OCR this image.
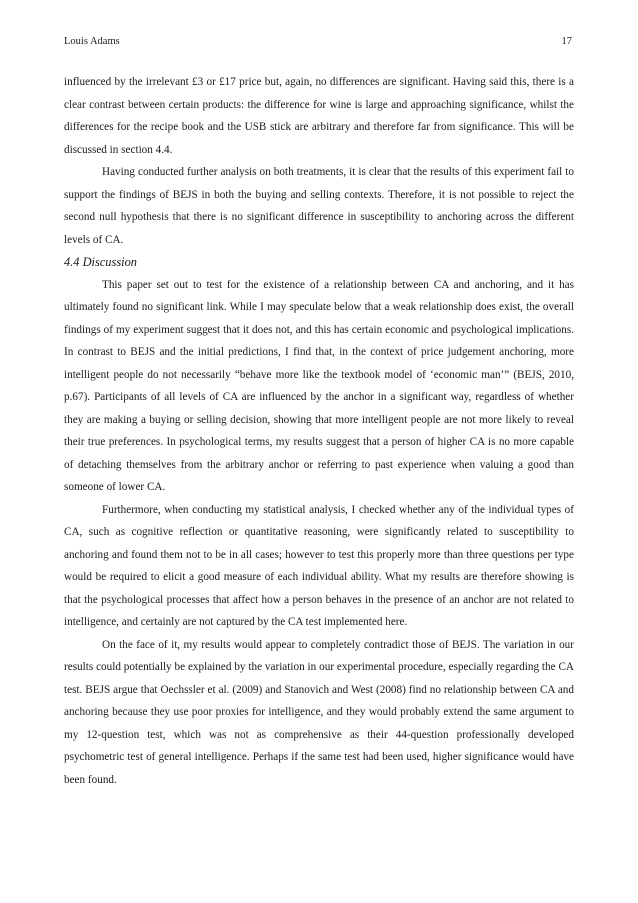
Louis Adams	17

influenced by the irrelevant £3 or £17 price but, again, no differences are significant. Having said this, there is a clear contrast between certain products: the difference for wine is large and approaching significance, whilst the differences for the recipe book and the USB stick are arbitrary and therefore far from significance. This will be discussed in section 4.4.

Having conducted further analysis on both treatments, it is clear that the results of this experiment fail to support the findings of BEJS in both the buying and selling contexts. Therefore, it is not possible to reject the second null hypothesis that there is no significant difference in susceptibility to anchoring across the different levels of CA.

4.4 Discussion

This paper set out to test for the existence of a relationship between CA and anchoring, and it has ultimately found no significant link. While I may speculate below that a weak relationship does exist, the overall findings of my experiment suggest that it does not, and this has certain economic and psychological implications. In contrast to BEJS and the initial predictions, I find that, in the context of price judgement anchoring, more intelligent people do not necessarily “behave more like the textbook model of ‘economic man’” (BEJS, 2010, p.67). Participants of all levels of CA are influenced by the anchor in a significant way, regardless of whether they are making a buying or selling decision, showing that more intelligent people are not more likely to reveal their true preferences. In psychological terms, my results suggest that a person of higher CA is no more capable of detaching themselves from the arbitrary anchor or referring to past experience when valuing a good than someone of lower CA.

Furthermore, when conducting my statistical analysis, I checked whether any of the individual types of CA, such as cognitive reflection or quantitative reasoning, were significantly related to susceptibility to anchoring and found them not to be in all cases; however to test this properly more than three questions per type would be required to elicit a good measure of each individual ability. What my results are therefore showing is that the psychological processes that affect how a person behaves in the presence of an anchor are not related to intelligence, and certainly are not captured by the CA test implemented here.

On the face of it, my results would appear to completely contradict those of BEJS. The variation in our results could potentially be explained by the variation in our experimental procedure, especially regarding the CA test. BEJS argue that Oechssler et al. (2009) and Stanovich and West (2008) find no relationship between CA and anchoring because they use poor proxies for intelligence, and they would probably extend the same argument to my 12-question test, which was not as comprehensive as their 44-question professionally developed psychometric test of general intelligence. Perhaps if the same test had been used, higher significance would have been found.
